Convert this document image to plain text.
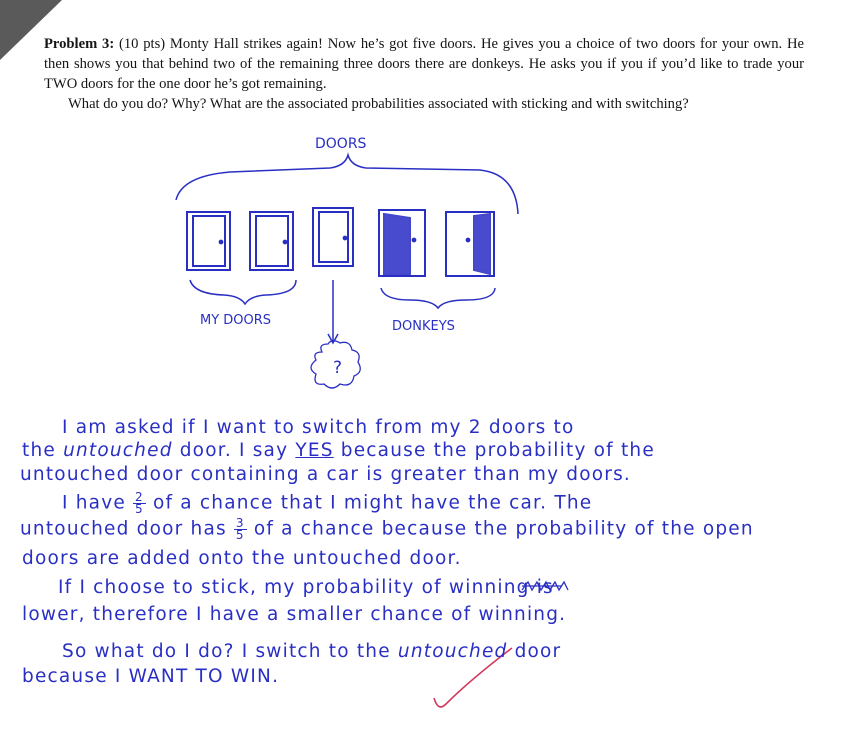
Problem 3: (10 pts) Monty Hall strikes again! Now he’s got five doors. He gives you a choice of two doors for your own. He then shows you that behind two of the remaining three doors there are donkeys. He asks you if you if you’d like to trade your TWO doors for the one door he’s got remaining.

What do you do? Why? What are the associated probabilities associated with sticking and with switching?

DOORS
MY DOORS	DONKEYS
?

I am asked if I want to switch from my 2 doors to

the untouched door. I say YES because the probability of the

untouched door containing a car is greater than my doors.

I have $\frac{2}{5}$ of a chance that I might have the car. The

untouched door has $\frac{3}{5}$ of a chance because the probability of the open

doors are added onto the untouched door.

If I choose to stick, my probability of winning is

lower, therefore I have a smaller chance of winning.

So what do I do? I switch to the untouched door

because I WANT TO WIN.
